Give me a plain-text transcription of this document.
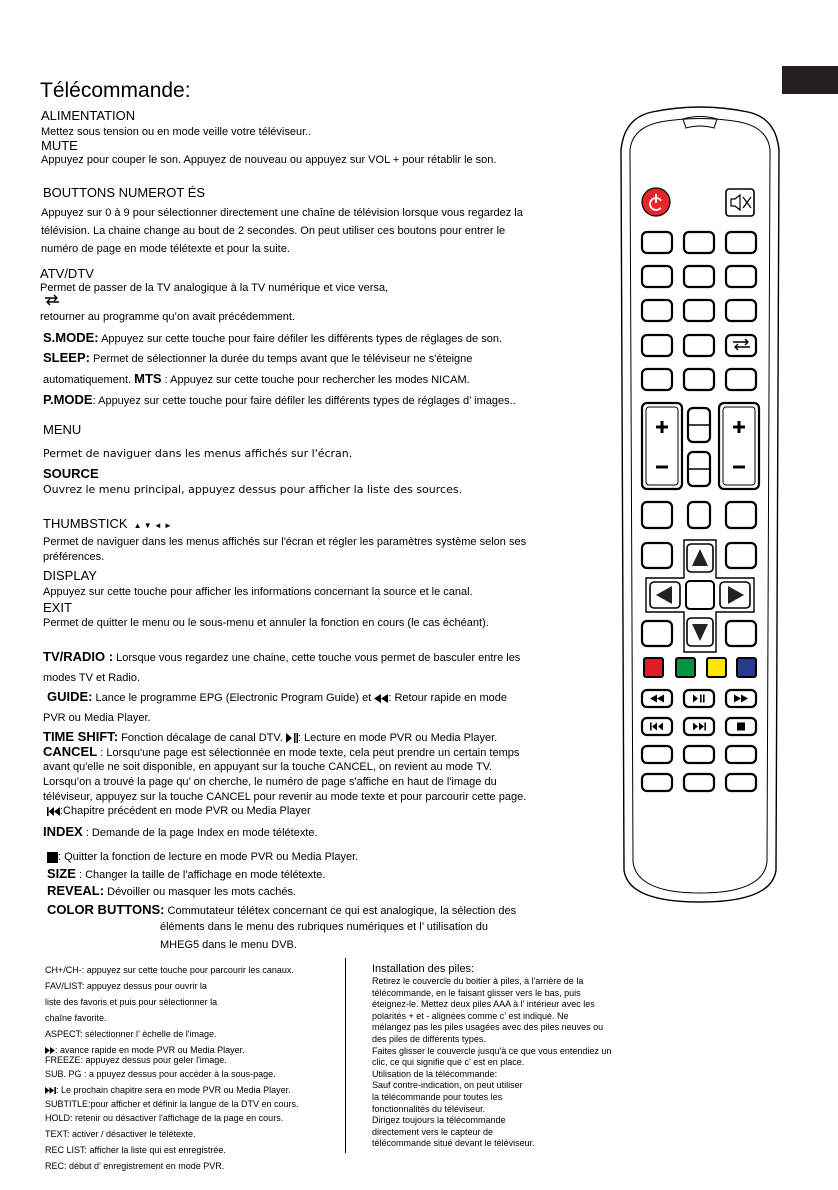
Télécommande:
ALIMENTATION
Mettez sous tension ou en mode veille votre téléviseur..
MUTE
Appuyez pour couper le son. Appuyez de nouveau ou appuyez sur VOL + pour rétablir le son.
BOUTTONS NUMEROT ÉS
Appuyez sur 0 à 9 pour sélectionner directement une chaîne de télévision lorsque vous regardez la
télévision. La chaine change au bout de 2 secondes. On peut utiliser ces boutons pour entrer le
numéro de page en mode télétexte et pour la suite.
ATV/DTV
Permet de passer de la TV analogique à la TV numérique et vice versa,
retourner au programme qu’on avait précédemment.
S.MODE: Appuyez sur cette touche pour faire défiler les différents types de réglages de son.
SLEEP: Permet de sélectionner la durée du temps avant que le téléviseur ne s'éteigne
automatiquement. MTS : Appuyez sur cette touche pour rechercher les modes NICAM.
P.MODE: Appuyez sur cette touche pour faire défiler les différents types de réglages d’ images..
MENU
Permet de naviguer dans les menus affichés sur l'écran.
SOURCE
Ouvrez le menu principal, appuyez dessus pour afficher la liste des sources.
THUMBSTICK ▲ ▼ ◄ ►
Permet de naviguer dans les menus affichés sur l'écran et régler les paramètres système selon ses
préférences.
DISPLAY
Appuyez sur cette touche pour afficher les informations concernant la source et le canal.
EXIT
Permet de quitter le menu ou le sous-menu et annuler la fonction en cours (le cas échéant).
TV/RADIO : Lorsque vous regardez une chaine, cette touche vous permet de basculer entre les
modes TV et Radio.
GUIDE: Lance le programme EPG (Electronic Program Guide) et : Retour rapide en mode
PVR ou Media Player.
TIME SHIFT: Fonction décalage de canal DTV. : Lecture en mode PVR ou Media Player.
CANCEL : Lorsqu'une page est sélectionnée en mode texte, cela peut prendre un certain temps
avant qu'elle ne soit disponible, en appuyant sur la touche CANCEL, on revient au mode TV.
Lorsqu’on a trouvé la page qu’ on cherche, le numéro de page s'affiche en haut de l'image du
téléviseur, appuyez sur la touche CANCEL pour revenir au mode texte et pour parcourir cette page.
:Chapitre précédent en mode PVR ou Media Player
INDEX : Demande de la page Index en mode télétexte.
: Quitter la fonction de lecture en mode PVR ou Media Player.
SIZE : Changer la taille de l'affichage en mode télétexte.
REVEAL: Dévoiller ou masquer les mots cachés.
COLOR BUTTONS: Commutateur télétex concernant ce qui est analogique, la sélection des
éléments dans le menu des rubriques numériques et l’ utilisation du
MHEG5 dans le menu DVB.
CH+/CH-: appuyez sur cette touche pour parcourir les canaux.
FAV/LIST: appuyez dessus pour ouvrir la
liste des favoris et puis pour sélectionner la
chaîne favorite.
ASPECT: sélectionner l’ échelle de l'image.
: avance rapide en mode PVR ou Media Player.
FREEZE: appuyez dessus pour geler l'image.
SUB. PG : a ppuyez dessus pour accéder à la sous-page.
: Le prochain chapitre sera en mode PVR ou Media Player.
SUBTITLE:pour afficher et définir la langue de la DTV en cours.
HOLD: retenir ou désactiver l'affichage de la page en cours.
TEXT: activer / désactiver le télétexte.
REC LIST: afficher la liste qui est enregistrée.
REC: début d’ enregistrement en mode PVR.
Installation des piles:
Retirez le couvercle du boitier à piles, à l'arrière de la
télécommande, en le faisant glisser vers le bas, puis
éteignez-le. Mettez deux piles AAA à l’ intérieur avec les
polarités + et - alignées comme c’ est indiqué. Ne
mélangez pas les piles usagées avec des piles neuves ou
des piles de différents types.
Faites glisser le couvercle jusqu'à ce que vous entendiez un
clic, ce qui signifie que c’ est en place.
Utilisation de la télécommande:
Sauf contre-indication, on peut utiliser
la télécommande pour toutes les
fonctionnalités du téléviseur.
Dirigez toujours la télécommande
directement vers le capteur de
télécommande situé devant le téléviseur.
